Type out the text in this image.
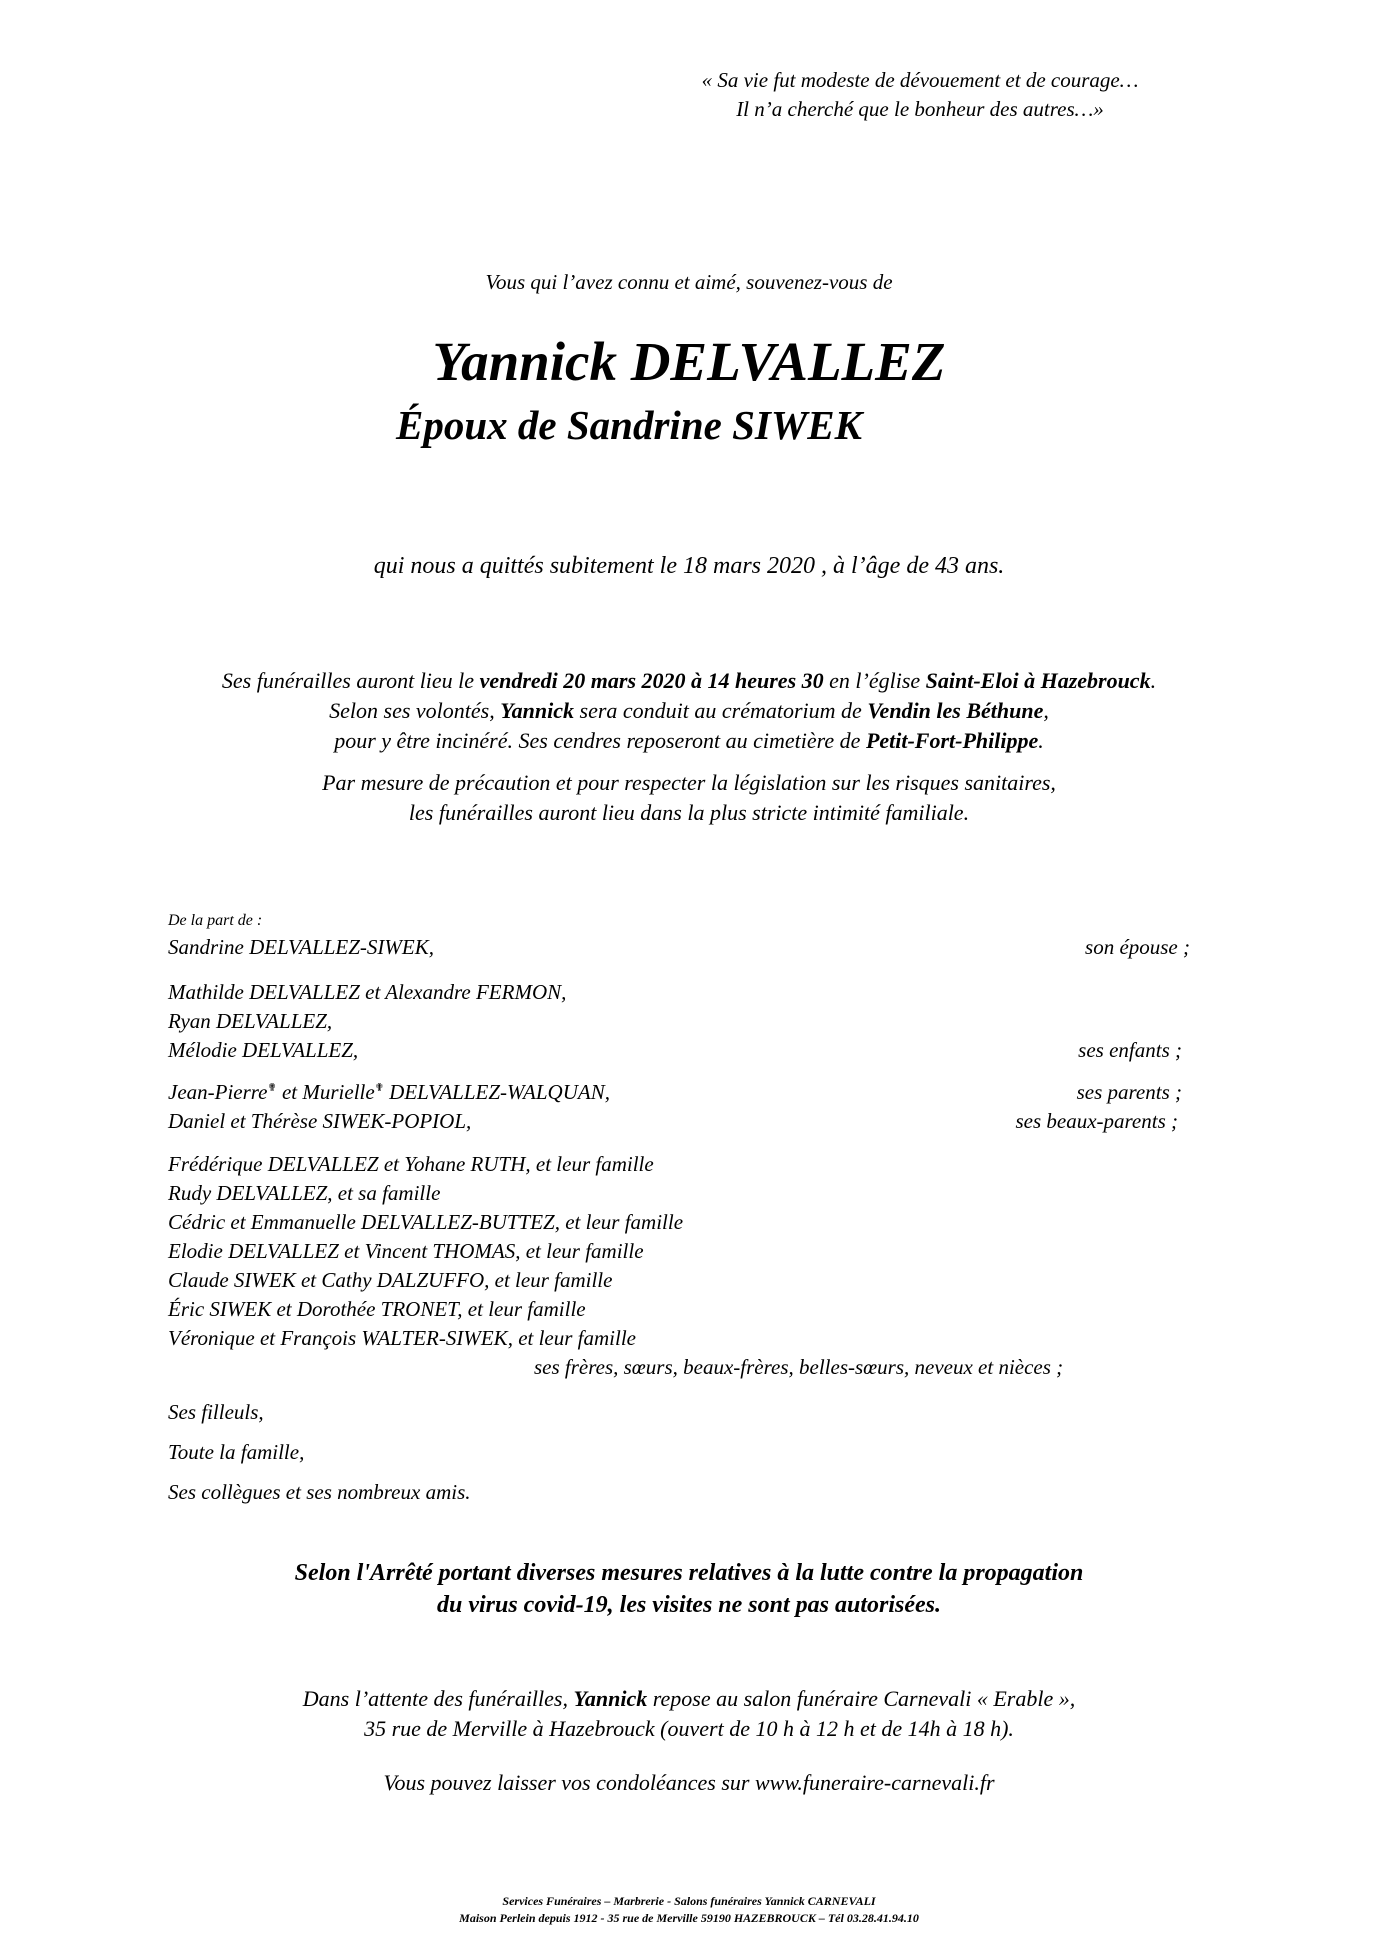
« Sa vie fut modeste de dévouement et de courage…
Il n’a cherché que le bonheur des autres…»
Vous qui l’avez connu et aimé, souvenez-vous de
Yannick DELVALLEZ
Époux de Sandrine SIWEK
qui nous a quittés subitement le 18 mars 2020 , à l’âge de 43 ans.
Ses funérailles auront lieu le vendredi 20 mars 2020 à 14 heures 30 en l’église Saint-Eloi à Hazebrouck.
Selon ses volontés, Yannick sera conduit au crématorium de Vendin les Béthune,
pour y être incinéré. Ses cendres reposeront au cimetière de Petit-Fort-Philippe.
Par mesure de précaution et pour respecter la législation sur les risques sanitaires,
les funérailles auront lieu dans la plus stricte intimité familiale.
De la part de :
Sandrine DELVALLEZ-SIWEK,	son épouse ;
Mathilde DELVALLEZ et Alexandre FERMON,
Ryan DELVALLEZ,
Mélodie DELVALLEZ,	ses enfants ;
Jean-Pierre✟ et Murielle✟ DELVALLEZ-WALQUAN,	ses parents ;
Daniel et Thérèse SIWEK-POPIOL,	ses beaux-parents ;
Frédérique DELVALLEZ et Yohane RUTH, et leur famille
Rudy DELVALLEZ, et sa famille
Cédric et Emmanuelle DELVALLEZ-BUTTEZ, et leur famille
Elodie DELVALLEZ et Vincent THOMAS, et leur famille
Claude SIWEK et Cathy DALZUFFO, et leur famille
Éric SIWEK et Dorothée TRONET, et leur famille
Véronique et François WALTER-SIWEK, et leur famille
ses frères, sœurs, beaux-frères, belles-sœurs, neveux et nièces ;
Ses filleuls,
Toute la famille,
Ses collègues et ses nombreux amis.
Selon l'Arrêté portant diverses mesures relatives à la lutte contre la propagation
du virus covid-19, les visites ne sont pas autorisées.
Dans l’attente des funérailles, Yannick repose au salon funéraire Carnevali « Erable »,
35 rue de Merville à Hazebrouck (ouvert de 10 h à 12 h et de 14h à 18 h).
Vous pouvez laisser vos condoléances sur www.funeraire-carnevali.fr
Services Funéraires – Marbrerie - Salons funéraires Yannick CARNEVALI
Maison Perlein depuis 1912 - 35 rue de Merville 59190 HAZEBROUCK – Tél 03.28.41.94.10
